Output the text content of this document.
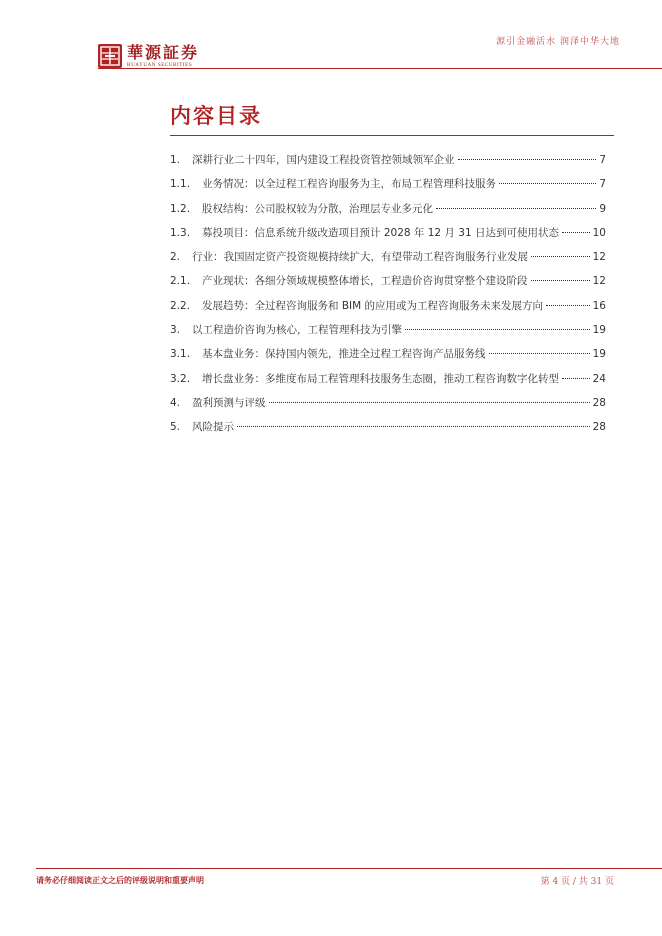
華源証券
HUAYUAN SECURITIES
源引金融活水 润泽中华大地
内容目录
1.	深耕行业二十四年，国内建设工程投资管控领域领军企业	7
1.1.	业务情况：以全过程工程咨询服务为主，布局工程管理科技服务	7
1.2.	股权结构：公司股权较为分散，治理层专业多元化	9
1.3.	募投项目：信息系统升级改造项目预计 2028 年 12 月 31 日达到可使用状态	10
2.	行业：我国固定资产投资规模持续扩大，有望带动工程咨询服务行业发展	12
2.1.	产业现状：各细分领域规模整体增长，工程造价咨询贯穿整个建设阶段	12
2.2.	发展趋势：全过程咨询服务和 BIM 的应用或为工程咨询服务未来发展方向	16
3.	以工程造价咨询为核心，工程管理科技为引擎	19
3.1.	基本盘业务：保持国内领先，推进全过程工程咨询产品服务线	19
3.2.	增长盘业务：多维度布局工程管理科技服务生态圈，推动工程咨询数字化转型	24
4.	盈利预测与评级	28
5.	风险提示	28
请务必仔细阅读正文之后的评级说明和重要声明	第 4 页 / 共 31 页
